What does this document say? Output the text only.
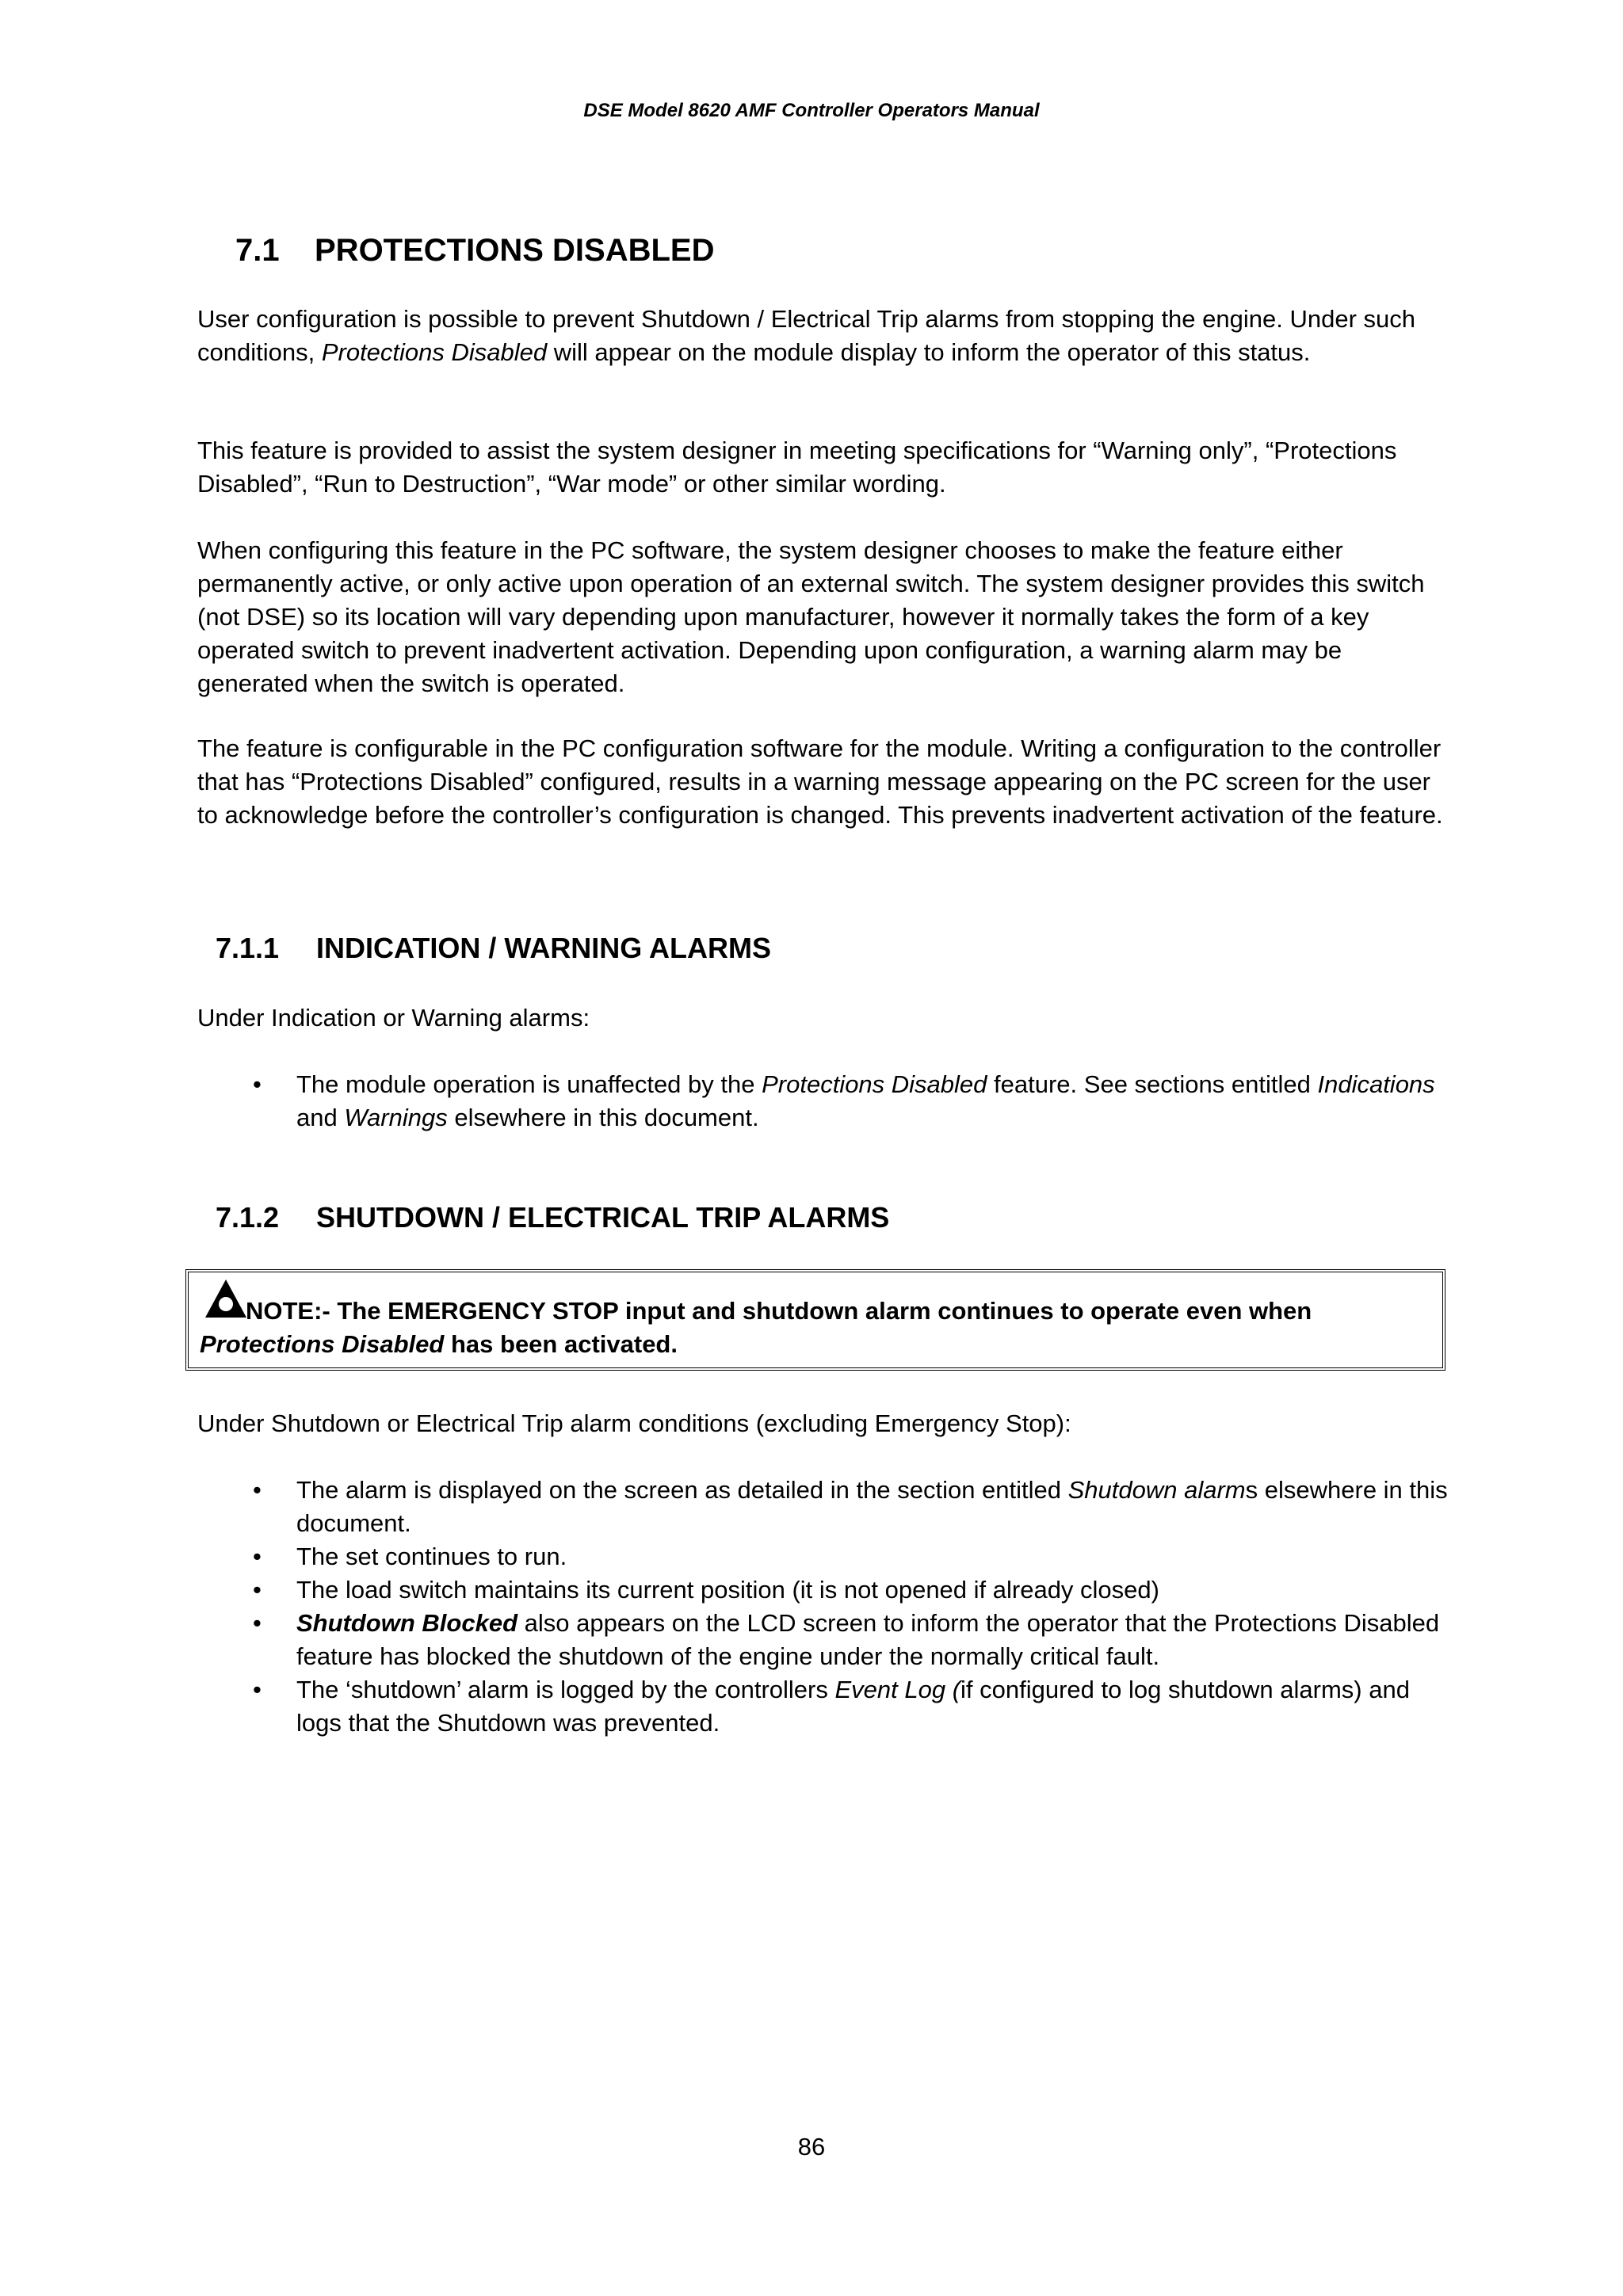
DSE Model 8620 AMF Controller Operators Manual
7.1 PROTECTIONS DISABLED

User configuration is possible to prevent Shutdown / Electrical Trip alarms from stopping the engine. Under such conditions, Protections Disabled will appear on the module display to inform the operator of this status.

This feature is provided to assist the system designer in meeting specifications for “Warning only”, “Protections Disabled”, “Run to Destruction”, “War mode” or other similar wording.

When configuring this feature in the PC software, the system designer chooses to make the feature either permanently active, or only active upon operation of an external switch. The system designer provides this switch (not DSE) so its location will vary depending upon manufacturer, however it normally takes the form of a key operated switch to prevent inadvertent activation. Depending upon configuration, a warning alarm may be generated when the switch is operated.

The feature is configurable in the PC configuration software for the module. Writing a configuration to the controller that has “Protections Disabled” configured, results in a warning message appearing on the PC screen for the user to acknowledge before the controller’s configuration is changed. This prevents inadvertent activation of the feature.

7.1.1 INDICATION / WARNING ALARMS

Under Indication or Warning alarms:

• The module operation is unaffected by the Protections Disabled feature. See sections entitled Indications and Warnings elsewhere in this document.
7.1.2 SHUTDOWN / ELECTRICAL TRIP ALARMS
NOTE:- The EMERGENCY STOP input and shutdown alarm continues to operate even when Protections Disabled has been activated.

Under Shutdown or Electrical Trip alarm conditions (excluding Emergency Stop):

• The alarm is displayed on the screen as detailed in the section entitled Shutdown alarms elsewhere in this document.
• The set continues to run.
• The load switch maintains its current position (it is not opened if already closed)
• Shutdown Blocked also appears on the LCD screen to inform the operator that the Protections Disabled feature has blocked the shutdown of the engine under the normally critical fault.
• The ‘shutdown’ alarm is logged by the controllers Event Log (if configured to log shutdown alarms) and logs that the Shutdown was prevented.
86
